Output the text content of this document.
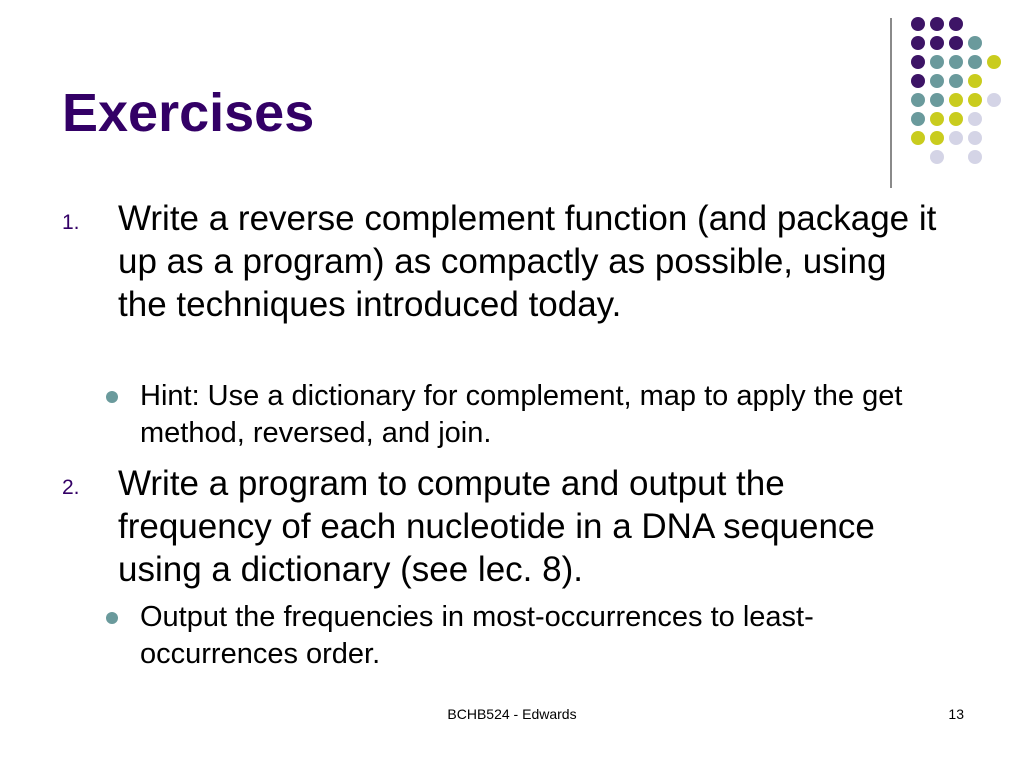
Exercises
1. Write a reverse complement function (and package it up as a program) as compactly as possible, using the techniques introduced today.

Hint: Use a dictionary for complement, map to apply the get method, reversed, and join.

2. Write a program to compute and output the frequency of each nucleotide in a DNA sequence using a dictionary (see lec. 8).

Output the frequencies in most-occurrences to least-occurrences order.

BCHB524 - Edwards	13
